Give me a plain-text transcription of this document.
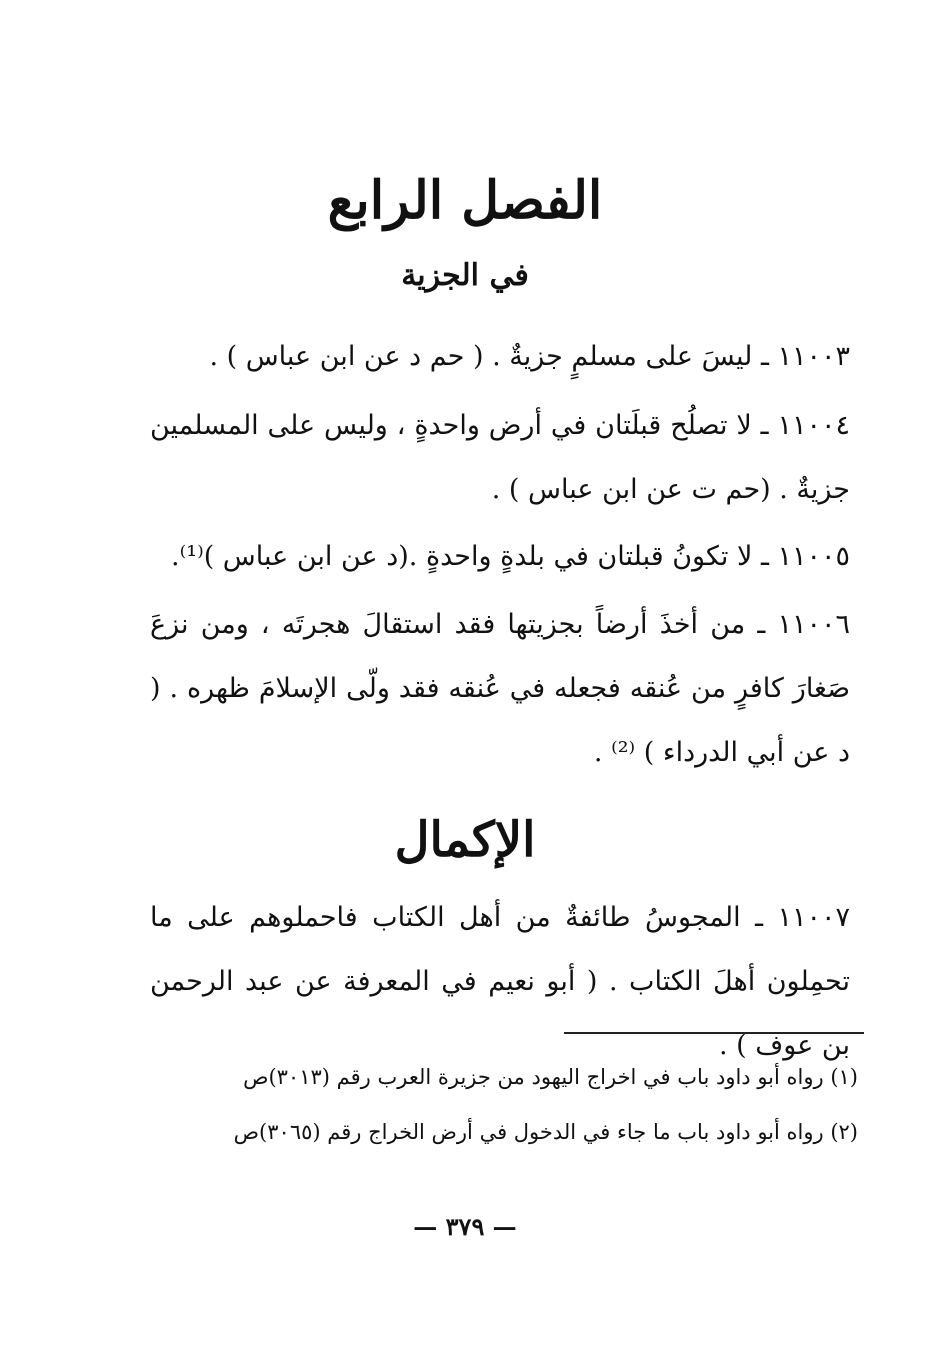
الفصل الرابع
في الجزية
١١٠٠٣ ـ ليسَ على مسلمٍ جزيةٌ . ( حم د عن ابن عباس ) .
١١٠٠٤ ـ لا تصلُح قبلَتان في أرض واحدةٍ ، وليس على المسلمين جزيةٌ . (حم ت عن ابن عباس ) .
١١٠٠٥ ـ لا تكونُ قبلتان في بلدةٍ واحدةٍ .(د عن ابن عباس )⁽¹⁾.
١١٠٠٦ ـ من أخذَ أرضاً بجزيتها فقد استقالَ هجرتَه ، ومن نزعَ صَغارَ كافرٍ من عُنقه فجعله في عُنقه فقد ولّى الإسلامَ ظهره . ( د عن أبي الدرداء ) ⁽²⁾ .
الإكمال
١١٠٠٧ ـ المجوسُ طائفةٌ من أهل الكتاب فاحملوهم على ما تحمِلون أهلَ الكتاب . ( أبو نعيم في المعرفة عن عبد الرحمن بن عوف ) .
(١) رواه أبو داود باب في اخراج اليهود من جزيرة العرب رقم (٣٠١٣)ص
(٢) رواه أبو داود باب ما جاء في الدخول في أرض الخراج رقم (٣٠٦٥)ص
— ٣٧٩ —
